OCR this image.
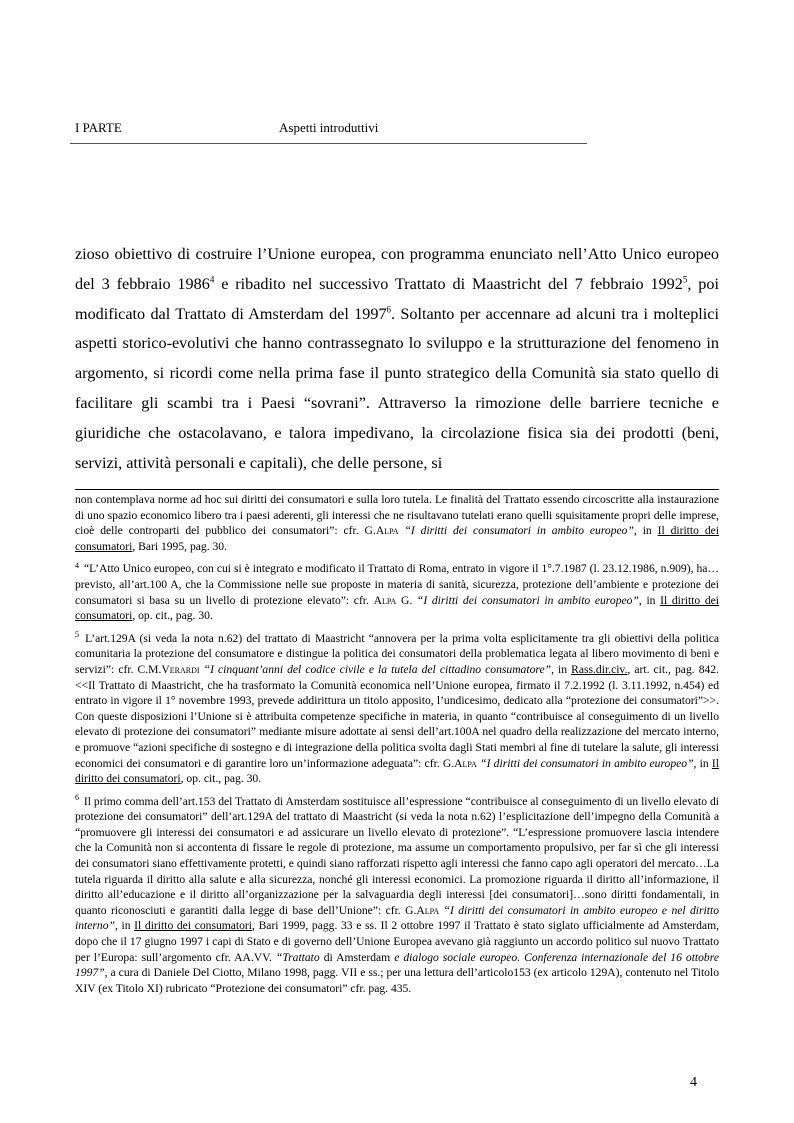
I PARTE	Aspetti introduttivi

zioso obiettivo di costruire l’Unione europea, con programma enunciato nell’Atto Unico europeo del 3 febbraio 1986$^4$ e ribadito nel successivo Trattato di Maastricht del 7 febbraio 1992$^5$, poi modificato dal Trattato di Amsterdam del 1997$^6$. Soltanto per accennare ad alcuni tra i molteplici aspetti storico-evolutivi che hanno contrassegnato lo sviluppo e la strutturazione del fenomeno in argomento, si ricordi come nella prima fase il punto strategico della Comunità sia stato quello di facilitare gli scambi tra i Paesi “sovrani”. Attraverso la rimozione delle barriere tecniche e giuridiche che ostacolavano, e talora impedivano, la circolazione fisica sia dei prodotti (beni, servizi, attività personali e capitali), che delle persone, si

non contemplava norme ad hoc sui diritti dei consumatori e sulla loro tutela. Le finalità del Trattato essendo circoscritte alla instaurazione di uno spazio economico libero tra i paesi aderenti, gli interessi che ne risultavano tutelati erano quelli squisitamente propri delle imprese, cioè delle controparti del pubblico dei consumatori”: cfr. G.Alpa “I diritti dei consumatori in ambito europeo”, in Il diritto dei consumatori, Bari 1995, pag. 30.

$^4$ “L’Atto Unico europeo, con cui si è integrato e modificato il Trattato di Roma, entrato in vigore il 1°.7.1987 (l. 23.12.1986, n.909), ha…previsto, all’art.100 A, che la Commissione nelle sue proposte in materia di sanità, sicurezza, protezione dell’ambiente e protezione dei consumatori si basa su un livello di protezione elevato”: cfr. Alpa G. “I diritti dei consumatori in ambito europeo”, in Il diritto dei consumatori, op. cit., pag. 30.

$^5$ L’art.129A (si veda la nota n.62) del trattato di Maastricht “annovera per la prima volta esplicitamente tra gli obiettivi della politica comunitaria la protezione del consumatore e distingue la politica dei consumatori della problematica legata al libero movimento di beni e servizi”: cfr. C.M.Verardi “I cinquant’anni del codice civile e la tutela del cittadino consumatore”, in Rass.dir.civ., art. cit., pag. 842. <<Il Trattato di Maastricht, che ha trasformato la Comunità economica nell’Unione europea, firmato il 7.2.1992 (l. 3.11.1992, n.454) ed entrato in vigore il 1° novembre 1993, prevede addirittura un titolo apposito, l’undicesimo, dedicato alla “protezione dei consumatori”>>. Con queste disposizioni l’Unione si è attribuita competenze specifiche in materia, in quanto “contribuisce al conseguimento di un livello elevato di protezione dei consumatori” mediante misure adottate ai sensi dell’art.100A nel quadro della realizzazione del mercato interno, e promuove “azioni specifiche di sostegno e di integrazione della politica svolta dagli Stati membri al fine di tutelare la salute, gli interessi economici dei consumatori e di garantire loro un’informazione adeguata”: cfr. G.Alpa “I diritti dei consumatori in ambito europeo”, in Il diritto dei consumatori, op. cit., pag. 30.

$^6$ Il primo comma dell’art.153 del Trattato di Amsterdam sostituisce all’espressione “contribuisce al conseguimento di un livello elevato di protezione dei consumatori” dell’art.129A del trattato di Maastricht (si veda la nota n.62) l’esplicitazione dell’impegno della Comunità a “promuovere gli interessi dei consumatori e ad assicurare un livello elevato di protezione”. “L’espressione promuovere lascia intendere che la Comunità non si accontenta di fissare le regole di protezione, ma assume un comportamento propulsivo, per far sì che gli interessi dei consumatori siano effettivamente protetti, e quindi siano rafforzati rispetto agli interessi che fanno capo agli operatori del mercato…La tutela riguarda il diritto alla salute e alla sicurezza, nonché gli interessi economici. La promozione riguarda il diritto all’informazione, il diritto all’educazione e il diritto all’organizzazione per la salvaguardia degli interessi [dei consumatori]…sono diritti fondamentali, in quanto riconosciuti e garantiti dalla legge di base dell’Unione”: cfr. G.Alpa “I diritti dei consumatori in ambito europeo e nel diritto interno”, in Il diritto dei consumatori, Bari 1999, pagg. 33 e ss. Il 2 ottobre 1997 il Trattato è stato siglato ufficialmente ad Amsterdam, dopo che il 17 giugno 1997 i capi di Stato e di governo dell’Unione Europea avevano già raggiunto un accordo politico sul nuovo Trattato per l’Europa: sull’argomento cfr. AA.VV. “Trattato di Amsterdam e dialogo sociale europeo. Conferenza internazionale del 16 ottobre 1997”, a cura di Daniele Del Ciotto, Milano 1998, pagg. VII e ss.; per una lettura dell’articolo153 (ex articolo 129A), contenuto nel Titolo XIV (ex Titolo XI) rubricato “Protezione dei consumatori” cfr. pag. 435.

4
